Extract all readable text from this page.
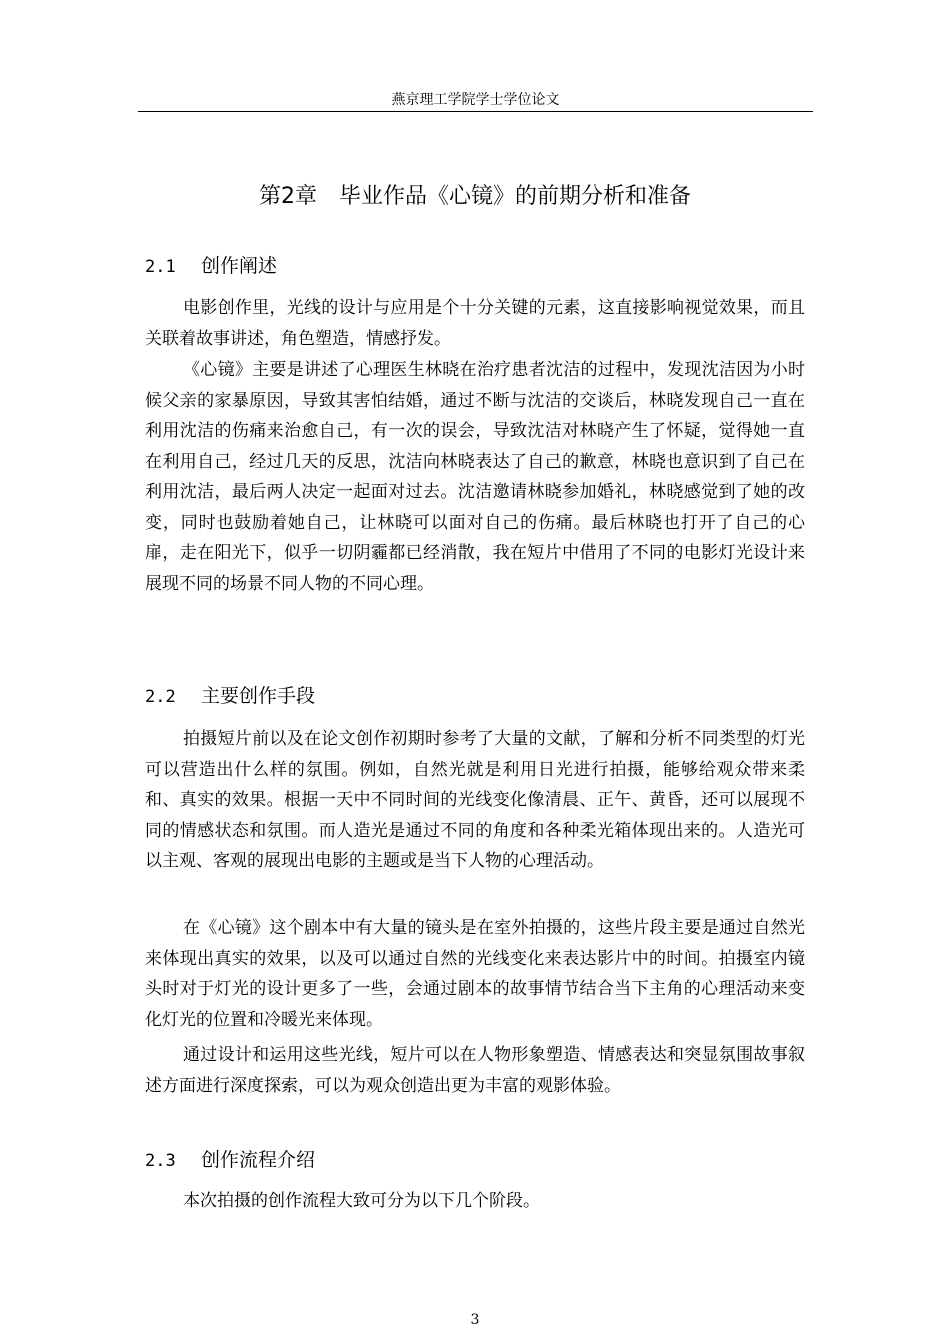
燕京理工学院学士学位论文
第2章 毕业作品《心镜》的前期分析和准备
2.1 创作阐述

电影创作里，光线的设计与应用是个十分关键的元素，这直接影响视觉效果，而且关联着故事讲述，角色塑造，情感抒发。

《心镜》主要是讲述了心理医生林晓在治疗患者沈洁的过程中，发现沈洁因为小时候父亲的家暴原因，导致其害怕结婚，通过不断与沈洁的交谈后，林晓发现自己一直在利用沈洁的伤痛来治愈自己，有一次的误会，导致沈洁对林晓产生了怀疑，觉得她一直在利用自己，经过几天的反思，沈洁向林晓表达了自己的歉意，林晓也意识到了自己在利用沈洁，最后两人决定一起面对过去。沈洁邀请林晓参加婚礼，林晓感觉到了她的改变，同时也鼓励着她自己，让林晓可以面对自己的伤痛。最后林晓也打开了自己的心扉，走在阳光下，似乎一切阴霾都已经消散，我在短片中借用了不同的电影灯光设计来展现不同的场景不同人物的不同心理。

2.2 主要创作手段

拍摄短片前以及在论文创作初期时参考了大量的文献，了解和分析不同类型的灯光可以营造出什么样的氛围。例如，自然光就是利用日光进行拍摄，能够给观众带来柔和、真实的效果。根据一天中不同时间的光线变化像清晨、正午、黄昏，还可以展现不同的情感状态和氛围。而人造光是通过不同的角度和各种柔光箱体现出来的。人造光可以主观、客观的展现出电影的主题或是当下人物的心理活动。

在《心镜》这个剧本中有大量的镜头是在室外拍摄的，这些片段主要是通过自然光来体现出真实的效果，以及可以通过自然的光线变化来表达影片中的时间。拍摄室内镜头时对于灯光的设计更多了一些，会通过剧本的故事情节结合当下主角的心理活动来变化灯光的位置和冷暖光来体现。

通过设计和运用这些光线，短片可以在人物形象塑造、情感表达和突显氛围故事叙述方面进行深度探索，可以为观众创造出更为丰富的观影体验。

2.3 创作流程介绍

本次拍摄的创作流程大致可分为以下几个阶段。

3
